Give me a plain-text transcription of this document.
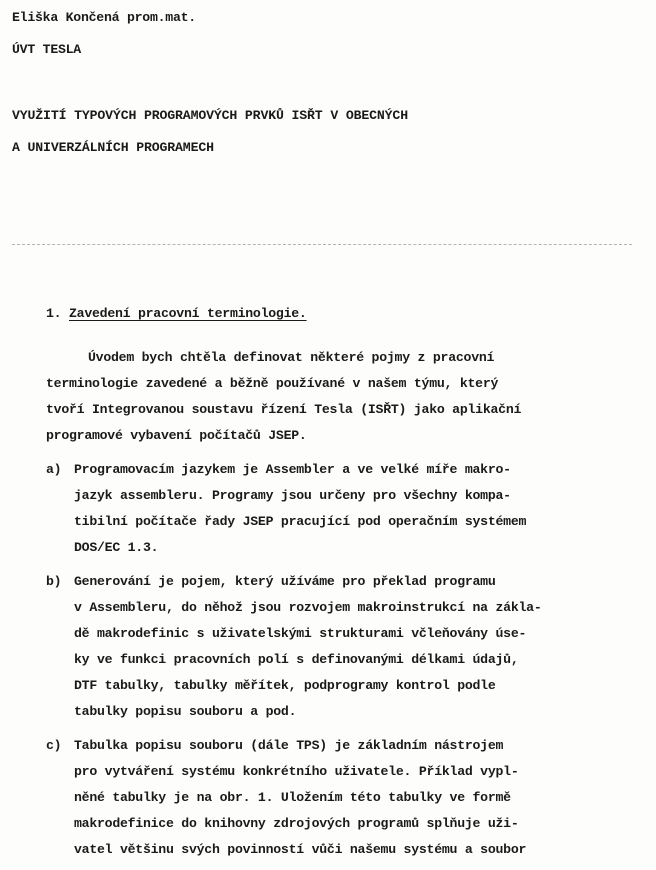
Eliška Končená prom.mat.
ÚVT TESLA
VYUŽITÍ TYPOVÝCH PROGRAMOVÝCH PRVKŮ ISŘT V OBECNÝCH
A UNIVERZÁLNÍCH PROGRAMECH
1. Zavedení pracovní terminologie.
Úvodem bych chtěla definovat některé pojmy z pracovní
terminologie zavedené a běžně používané v našem týmu, který
tvoří Integrovanou soustavu řízení Tesla (ISŘT) jako aplikační
programové vybavení počítačů JSEP.
a) Programovacím jazykem je Assembler a ve velké míře makro-
jazyk assembleru. Programy jsou určeny pro všechny kompa-
tibilní počítače řady JSEP pracující pod operačním systémem
DOS/EC 1.3.
b) Generování je pojem, který užíváme pro překlad programu
v Assembleru, do něhož jsou rozvojem makroinstrukcí na zákla-
dě makrodefinic s uživatelskými strukturami včleňovány úse-
ky ve funkci pracovních polí s definovanými délkami údajů,
DTF tabulky, tabulky měřítek, podprogramy kontrol podle
tabulky popisu souboru a pod.
c) Tabulka popisu souboru (dále TPS) je základním nástrojem
pro vytváření systému konkrétního uživatele. Příklad vypl-
něné tabulky je na obr. 1. Uložením této tabulky ve formě
makrodefinice do knihovny zdrojových programů splňuje uži-
vatel většinu svých povinností vůči našemu systému a soubor
